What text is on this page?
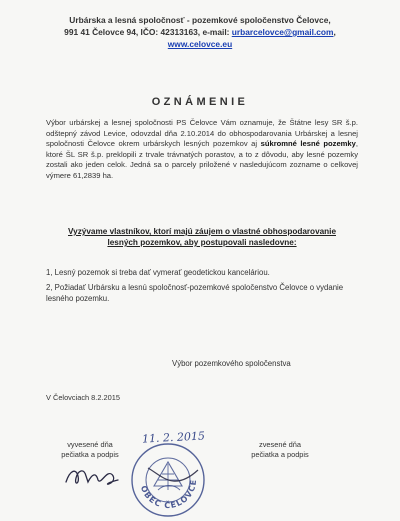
Urbárska a lesná spoločnosť - pozemkové spoločenstvo Čelovce,
991 41 Čelovce 94, IČO: 42313163, e-mail: urbarcelovce@gmail.com,
www.celovce.eu
OZNÁMENIE
Výbor urbárskej a lesnej spoločnosti PS Čelovce Vám oznamuje, že Štátne lesy SR š.p. odštepný závod Levice, odovzdal dňa 2.10.2014 do obhospodarovania Urbárskej a lesnej spoločnosti Čelovce okrem urbárskych lesných pozemkov aj súkromné lesné pozemky, ktoré ŠL SR š.p. preklopili z trvale trávnatých porastov, a to z dôvodu, aby lesné pozemky zostali ako jeden celok. Jedná sa o parcely priložené v nasledujúcom zozname o celkovej výmere 61,2839 ha.
Vyzývame vlastníkov, ktorí majú záujem o vlastné obhospodarovanie
lesných pozemkov, aby postupovali nasledovne:
1, Lesný pozemok si treba dať vymerať geodetickou kanceláriou.
2, Požiadať Urbársku a lesnú spoločnosť-pozemkové spoločenstvo Čelovce o vydanie lesného pozemku.
Výbor pozemkového spoločenstva
V Čelovciach 8.2.2015
vyvesené dňa
pečiatka a podpis
zvesené dňa
pečiatka a podpis
11. 2. 2015
OBEC ČELOVCE
